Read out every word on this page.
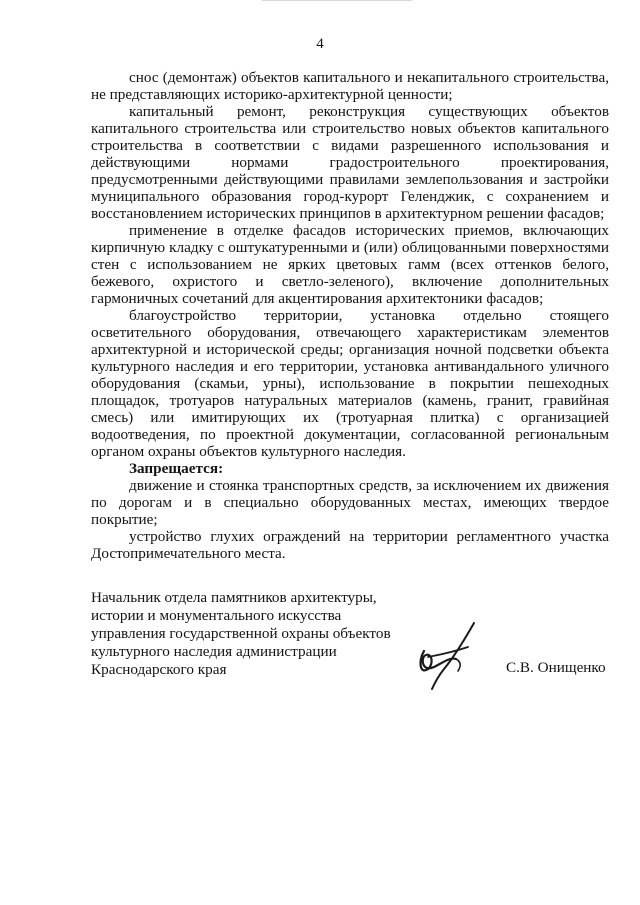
4

снос (демонтаж) объектов капитального и некапитального строительства, не представляющих историко-архитектурной ценности;

капитальный ремонт, реконструкция существующих объектов капитального строительства или строительство новых объектов капитального строительства в соответствии с видами разрешенного использования и действующими нормами градостроительного проектирования, предусмотренными действующими правилами землепользования и застройки муниципального образования город-курорт Геленджик, с сохранением и восстановлением исторических принципов в архитектурном решении фасадов;

применение в отделке фасадов исторических приемов, включающих кирпичную кладку с оштукатуренными и (или) облицованными поверхностями стен с использованием не ярких цветовых гамм (всех оттенков белого, бежевого, охристого и светло-зеленого), включение дополнительных гармоничных сочетаний для акцентирования архитектоники фасадов;

благоустройство территории, установка отдельно стоящего осветительного оборудования, отвечающего характеристикам элементов архитектурной и исторической среды; организация ночной подсветки объекта культурного наследия и его территории, установка антивандального уличного оборудования (скамьи, урны), использование в покрытии пешеходных площадок, тротуаров натуральных материалов (камень, гранит, гравийная смесь) или имитирующих их (тротуарная плитка) с организацией водоотведения, по проектной документации, согласованной региональным органом охраны объектов культурного наследия.

Запрещается:

движение и стоянка транспортных средств, за исключением их движения по дорогам и в специально оборудованных местах, имеющих твердое покрытие;

устройство глухих ограждений на территории регламентного участка Достопримечательного места.

Начальник отдела памятников архитектуры,
истории и монументального искусства
управления государственной охраны объектов
культурного наследия администрации
Краснодарского края	С.В. Онищенко
